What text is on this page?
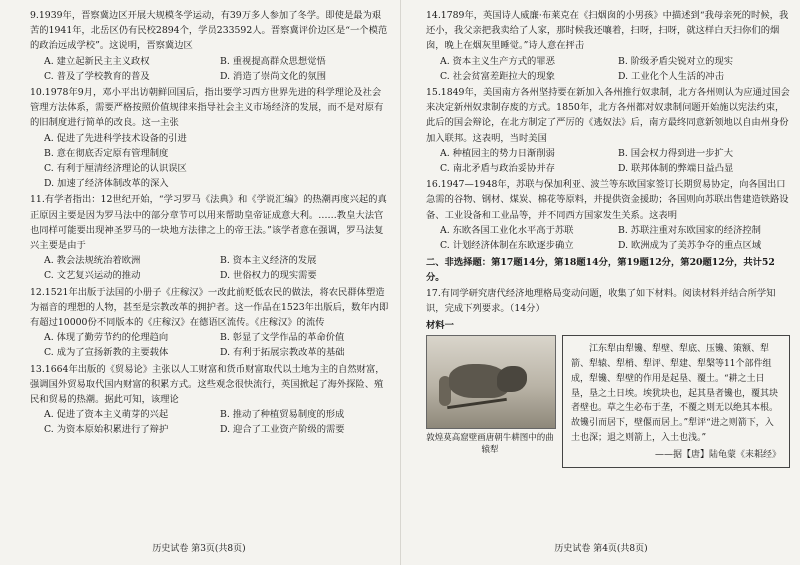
9.1939年，晋察冀边区开展大规模冬学运动，有39万多人参加了冬学。即使是最为艰苦的1941年，北岳区仍有民校2894个，学员233592人。晋察冀评价边区是“一个模范的政治远成学校”。这说明，晋察冀边区

A. 建立起新民主主义政权	B. 重视提高群众思想觉悟
C. 普及了学校教育的普及	D. 消造了崇尚文化的氛围

10.1978年9月，邓小平出访朝鲜回国后，指出要学习西方世界先进的科学理论及社会管理方法体系，需要严格按照价值规律来指导社会主义市场经济的发展，而不是对原有的旧制度进行简单的改良。这一主张

A. 促进了先进科学技术设备的引进
B. 意在彻底否定原有管理制度
C. 有利于厘清经济理论的认识误区
D. 加速了经济体制改革的深入

11.有学者指出：12世纪开始，“学习罗马《法典》和《学说汇编》的热潮再度兴起的真正原因主要是因为罗马法中的部分章节可以用来帮助皇帝证成意大利。……教皇大法官也同样可能要出现神圣罗马的一块地方法律之上的帝王法。”该学者意在强调，罗马法复兴主要是由于

A. 教会法规统治着欧洲	B. 资本主义经济的发展
C. 文艺复兴运动的推动	D. 世俗权力的现实需要

12.1521年出版于法国的小册子《庄稼汉》一改此前贬低农民的做法，将农民群体塑造为福音的理想的人物，甚至是宗教改革的拥护者。这一作品在1523年出版后，数年内即有超过10000份不同版本的《庄稼汉》在德语区流传。《庄稼汉》的流传

A. 体现了勤劳节约的伦理趋向	B. 彰显了文学作品的革命价值
C. 成为了宣扬新教的主要载体	D. 有利于拓展宗教改革的基础

13.1664年出版的《贸易论》主张以人工财富和货币财富取代以土地为主的自然财富，强调国外贸易取代国内财富的积累方式。这些观念很快流行，英国掀起了海外探险、殖民和贸易的热潮。据此可知，该理论

A. 促进了资本主义萌芽的兴起	B. 推动了种植贸易制度的形成
C. 为资本原始积累进行了辩护	D. 迎合了工业资产阶级的需要
历史试卷 第3页(共8页)

14.1789年，英国诗人威廉·布莱克在《扫烟囱的小男孩》中描述到“我母亲死的时候，我还小，我父亲把我卖给了人家，那时候我还嚷着，扫呀，扫呀，就这样白天扫你们的烟囱，晚上在烟灰里睡觉。”诗人意在抨击

A. 资本主义生产方式的罪恶	B. 阶级矛盾尖锐对立的现实
C. 社会贫富差距拉大的现象	D. 工业化个人生活的冲击

15.1849年，美国南方各州坚持要在新加入各州推行奴隶制，北方各州则认为应通过国会来决定新州奴隶制存废的方式。1850年，北方各州都对奴隶制问题开始施以宪法约束，此后的国会辩论，在北方制定了严厉的《逃奴法》后，南方最终同意新领地以自由州身份加入联邦。这表明，当时美国

A. 种植园主的势力日渐削弱	B. 国会权力得到进一步扩大
C. 南北矛盾与政治妥协并存	D. 联邦体制的弊端日益凸显

16.1947—1948年，苏联与保加利亚、波兰等东欧国家签订长期贸易协定，向各国出口急需的谷物、钢材、煤炭、棉花等原料，并提供资金援助；各国则向苏联出售建造铁路设备、工业设备和工业品等，并不同西方国家发生关系。这表明

A. 东欧各国工业化水平高于苏联	B. 苏联注重对东欧国家的经济控制
C. 计划经济体制在东欧逐步确立	D. 欧洲成为了美苏争夺的重点区域

二、非选择题：第17题14分，第18题14分，第19题12分，第20题12分，共计52分。

17.有同学研究唐代经济地理格局变动问题，收集了如下材料。阅读材料并结合所学知识，完成下列要求。（14分）

材料一
敦煌莫高窟壁画唐朝牛耕图中的曲辕犁

江东犁由犁镵、犁壁、犁底、压镵、策额、犁箭、犁辕、犁梢、犁评、犁建、犁槃等11个部件组成，犁镵、犁壁的作用是起垦、覆土。“耕之土日垦，垦之土日埃。埃犹块也，起其垦者镵也，覆其块者壁也。草之生必布于垄，不覆之则无以绝其本根。故镵引而居下，壁偃而居上。”犁评“进之则箭下，入土也深；退之则箭上，入土也浅。”

——据【唐】陆龟蒙《耒耜经》
历史试卷 第4页(共8页)
